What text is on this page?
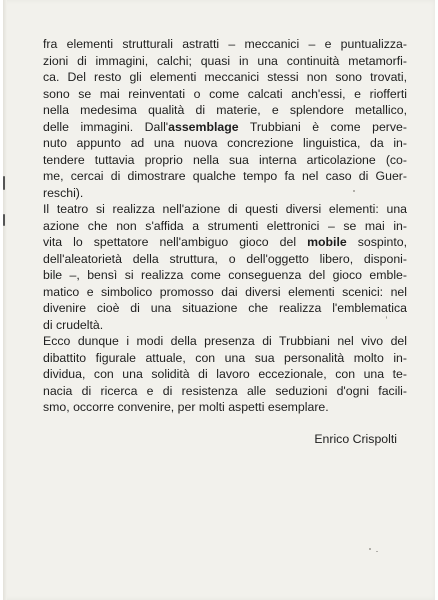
fra elementi strutturali astratti – meccanici – e puntualizza-
zioni di immagini, calchi; quasi in una continuità metamorfi-
ca. Del resto gli elementi meccanici stessi non sono trovati,
sono se mai reinventati o come calcati anch'essi, e riofferti
nella medesima qualità di materie, e splendore metallico,
delle immagini. Dall'assemblage Trubbiani è come perve-
nuto appunto ad una nuova concrezione linguistica, da in-
tendere tuttavia proprio nella sua interna articolazione (co-
me, cercai di dimostrare qualche tempo fa nel caso di Guer-
reschi).
Il teatro si realizza nell'azione di questi diversi elementi: una
azione che non s'affida a strumenti elettronici – se mai in-
vita lo spettatore nell'ambiguo gioco del mobile sospinto,
dell'aleatorietà della struttura, o dell'oggetto libero, disponi-
bile –, bensì si realizza come conseguenza del gioco emble-
matico e simbolico promosso dai diversi elementi scenici: nel
divenire cioè di una situazione che realizza l'emblematica
di crudeltà.
Ecco dunque i modi della presenza di Trubbiani nel vivo del
dibattito figurale attuale, con una sua personalità molto in-
dividua, con una solidità di lavoro eccezionale, con una te-
nacia di ricerca e di resistenza alle seduzioni d'ogni facili-
smo, occorre convenire, per molti aspetti esemplare.
Enrico Crispolti
